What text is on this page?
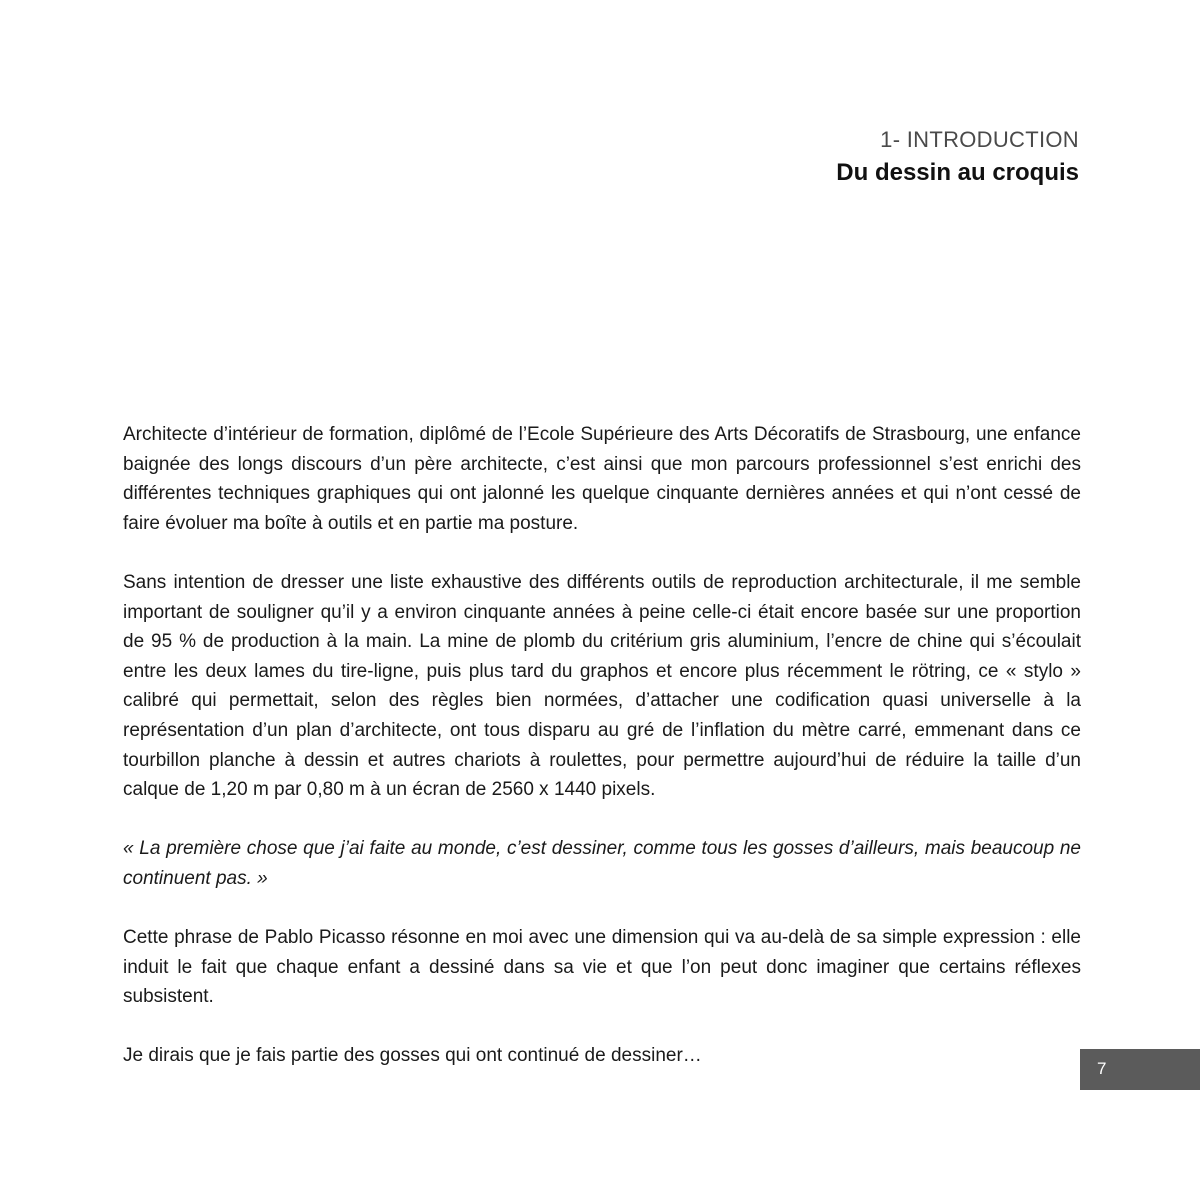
1- INTRODUCTION
Du dessin au croquis

Architecte d’intérieur de formation, diplômé de l’Ecole Supérieure des Arts Décoratifs de Strasbourg, une enfance baignée des longs discours d’un père architecte, c’est ainsi que mon parcours professionnel s’est enrichi des différentes techniques graphiques qui ont jalonné les quelque cinquante dernières années et qui n’ont cessé de faire évoluer ma boîte à outils et en partie ma posture.

Sans intention de dresser une liste exhaustive des différents outils de reproduction architecturale, il me semble important de souligner qu’il y a environ cinquante années à peine celle-ci était encore basée sur une proportion de 95 % de production à la main. La mine de plomb du critérium gris aluminium, l’encre de chine qui s’écoulait entre les deux lames du tire-ligne, puis plus tard du graphos et encore plus récemment le rötring, ce « stylo » calibré qui permettait, selon des règles bien normées, d’attacher une codification quasi universelle à la représentation d’un plan d’architecte, ont tous disparu au gré de l’inflation du mètre carré, emmenant dans ce tourbillon planche à dessin et autres chariots à roulettes, pour permettre aujourd’hui de réduire la taille d’un calque de 1,20 m par 0,80 m à un écran de 2560 x 1440 pixels.

« La première chose que j’ai faite au monde, c’est dessiner, comme tous les gosses d’ailleurs, mais beaucoup ne continuent pas. »

Cette phrase de Pablo Picasso résonne en moi avec une dimension qui va au-delà de sa simple expression : elle induit le fait que chaque enfant a dessiné dans sa vie et que l’on peut donc imaginer que certains réflexes subsistent.

Je dirais que je fais partie des gosses qui ont continué de dessiner…

7
